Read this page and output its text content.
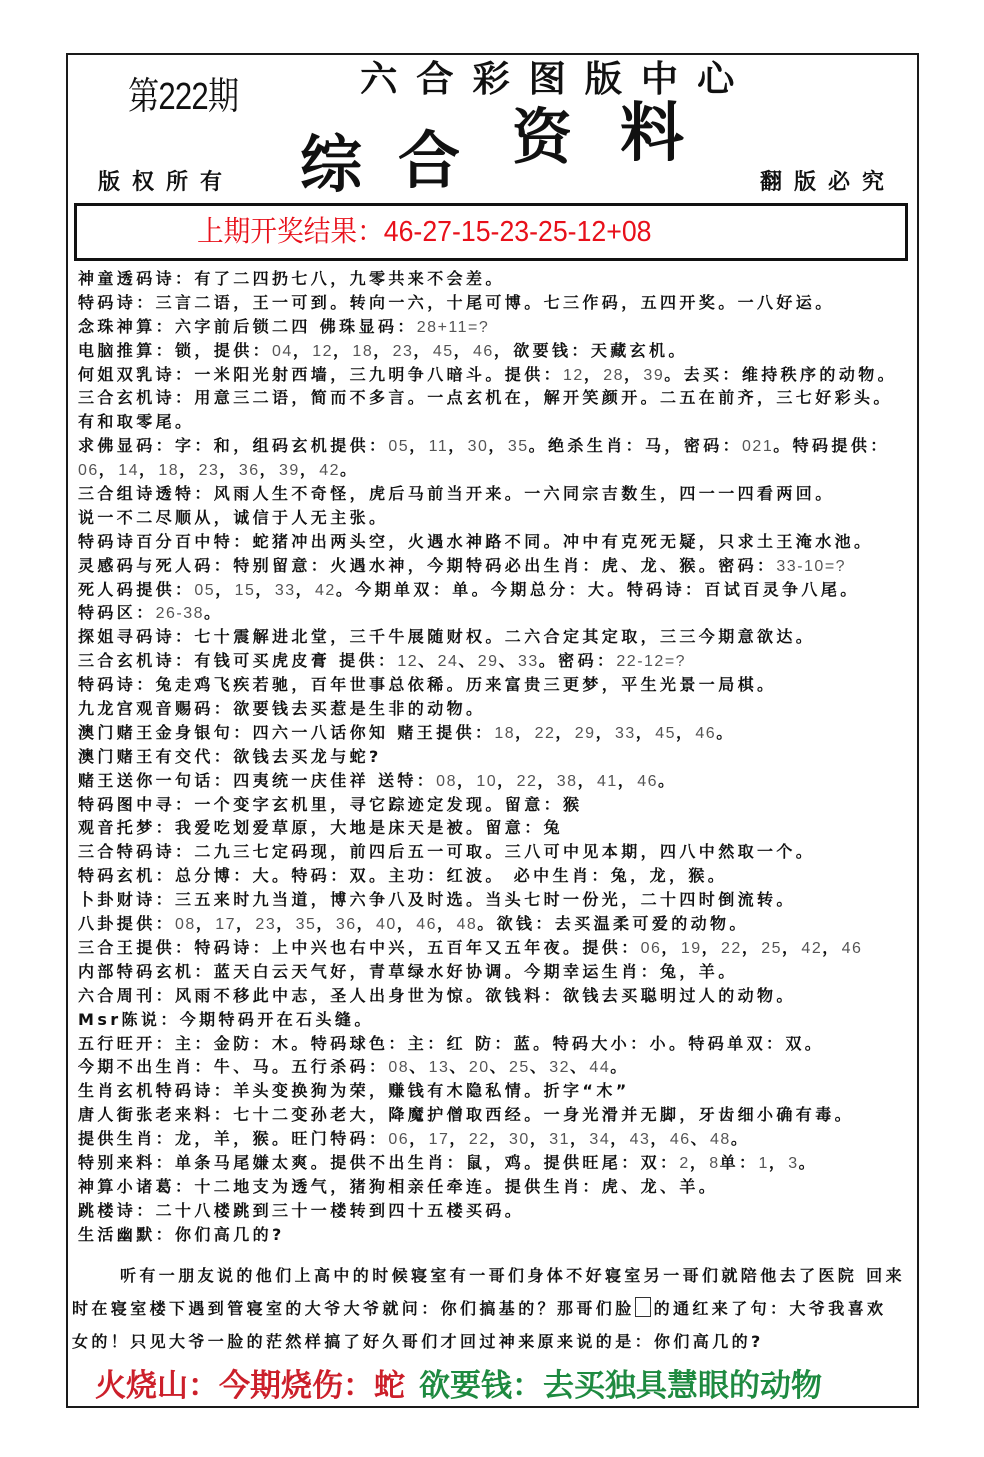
第222期	六合彩图版中心
综 合 资 料
版权所有	翻版必究
上期开奖结果：46-27-15-23-25-12+08
神童透码诗：有了二四扔七八，九零共来不会差。
特码诗：三言二语，王一可到。转向一六，十尾可博。七三作码，五四开奖。一八好运。
念珠神算：六字前后锁二四 佛珠显码：28+11=?
电脑推算：锁，提供：04，12，18，23，45，46，欲要钱：天藏玄机。
何姐双乳诗：一米阳光射西墙，三九明争八暗斗。提供：12，28，39。去买：维持秩序的动物。
三合玄机诗：用意三二语，简而不多言。一点玄机在，解开笑颜开。二五在前齐，三七好彩头。
有和取零尾。
求佛显码：字：和，组码玄机提供：05，11，30，35。绝杀生肖：马，密码：021。特码提供：
06，14，18，23，36，39，42。
三合组诗透特：风雨人生不奇怪，虎后马前当开来。一六同宗吉数生，四一一四看两回。
说一不二尽顺从，诚信于人无主张。
特码诗百分百中特：蛇猪冲出两头空，火遇水神路不同。冲中有克死无疑，只求土王淹水池。
灵感码与死人码：特别留意：火遇水神，今期特码必出生肖：虎、龙、猴。密码：33-10=?
死人码提供：05，15，33，42。今期单双：单。今期总分：大。特码诗：百试百灵争八尾。
特码区：26-38。
探姐寻码诗：七十震解进北堂，三千牛展随财权。二六合定其定取，三三今期意欲达。
三合玄机诗：有钱可买虎皮膏 提供：12、24、29、33。密码：22-12=?
特码诗：兔走鸡飞疾若驰，百年世事总依稀。历来富贵三更梦，平生光景一局棋。
九龙宫观音赐码：欲要钱去买惹是生非的动物。
澳门赌王金身银句：四六一八话你知 赌王提供：18，22，29，33，45，46。
澳门赌王有交代：欲钱去买龙与蛇?
赌王送你一句话：四夷统一庆佳祥 送特：08，10，22，38，41，46。
特码图中寻：一个变字玄机里，寻它踪迹定发现。留意：猴
观音托梦：我爱吃划爱草原，大地是床天是被。留意：兔
三合特码诗：二九三七定码现，前四后五一可取。三八可中见本期，四八中然取一个。
特码玄机：总分博：大。特码：双。主功：红波。 必中生肖：兔，龙，猴。
卜卦财诗：三五来时九当道，博六争八及时选。当头七时一份光，二十四时倒流转。
八卦提供：08，17，23，35，36，40，46，48。欲钱：去买温柔可爱的动物。
三合王提供：特码诗：上中兴也右中兴，五百年又五年夜。提供：06，19，22，25，42，46
内部特码玄机：蓝天白云天气好，青草绿水好协调。今期幸运生肖：兔，羊。
六合周刊：风雨不移此中志，圣人出身世为惊。欲钱料：欲钱去买聪明过人的动物。
Msr陈说：今期特码开在石头缝。
五行旺开：主：金防：木。特码球色：主：红 防：蓝。特码大小：小。特码单双：双。
今期不出生肖：牛、马。五行杀码：08、13、20、25、32、44。
生肖玄机特码诗：羊头变换狗为荣，赚钱有木隐私情。折字“木”
唐人街张老来料：七十二变孙老大，降魔护僧取西经。一身光滑并无脚，牙齿细小确有毒。
提供生肖：龙，羊，猴。旺门特码：06，17，22，30，31，34，43，46、48。
特别来料：单条马尾嫌太爽。提供不出生肖：鼠，鸡。提供旺尾：双：2，8单：1，3。
神算小诸葛：十二地支为透气，猪狗相亲任牵连。提供生肖：虎、龙、羊。
跳楼诗：二十八楼跳到三十一楼转到四十五楼买码。
生活幽默：你们高几的?
听有一朋友说的他们上高中的时候寝室有一哥们身体不好寝室另一哥们就陪他去了医院 回来
时在寝室楼下遇到管寝室的大爷大爷就问：你们搞基的？那哥们脸 的通红来了句：大爷我喜欢
女的！只见大爷一脸的茫然样搞了好久哥们才回过神来原来说的是：你们高几的?
火烧山：今期烧伤：蛇 欲要钱：去买独具慧眼的动物
